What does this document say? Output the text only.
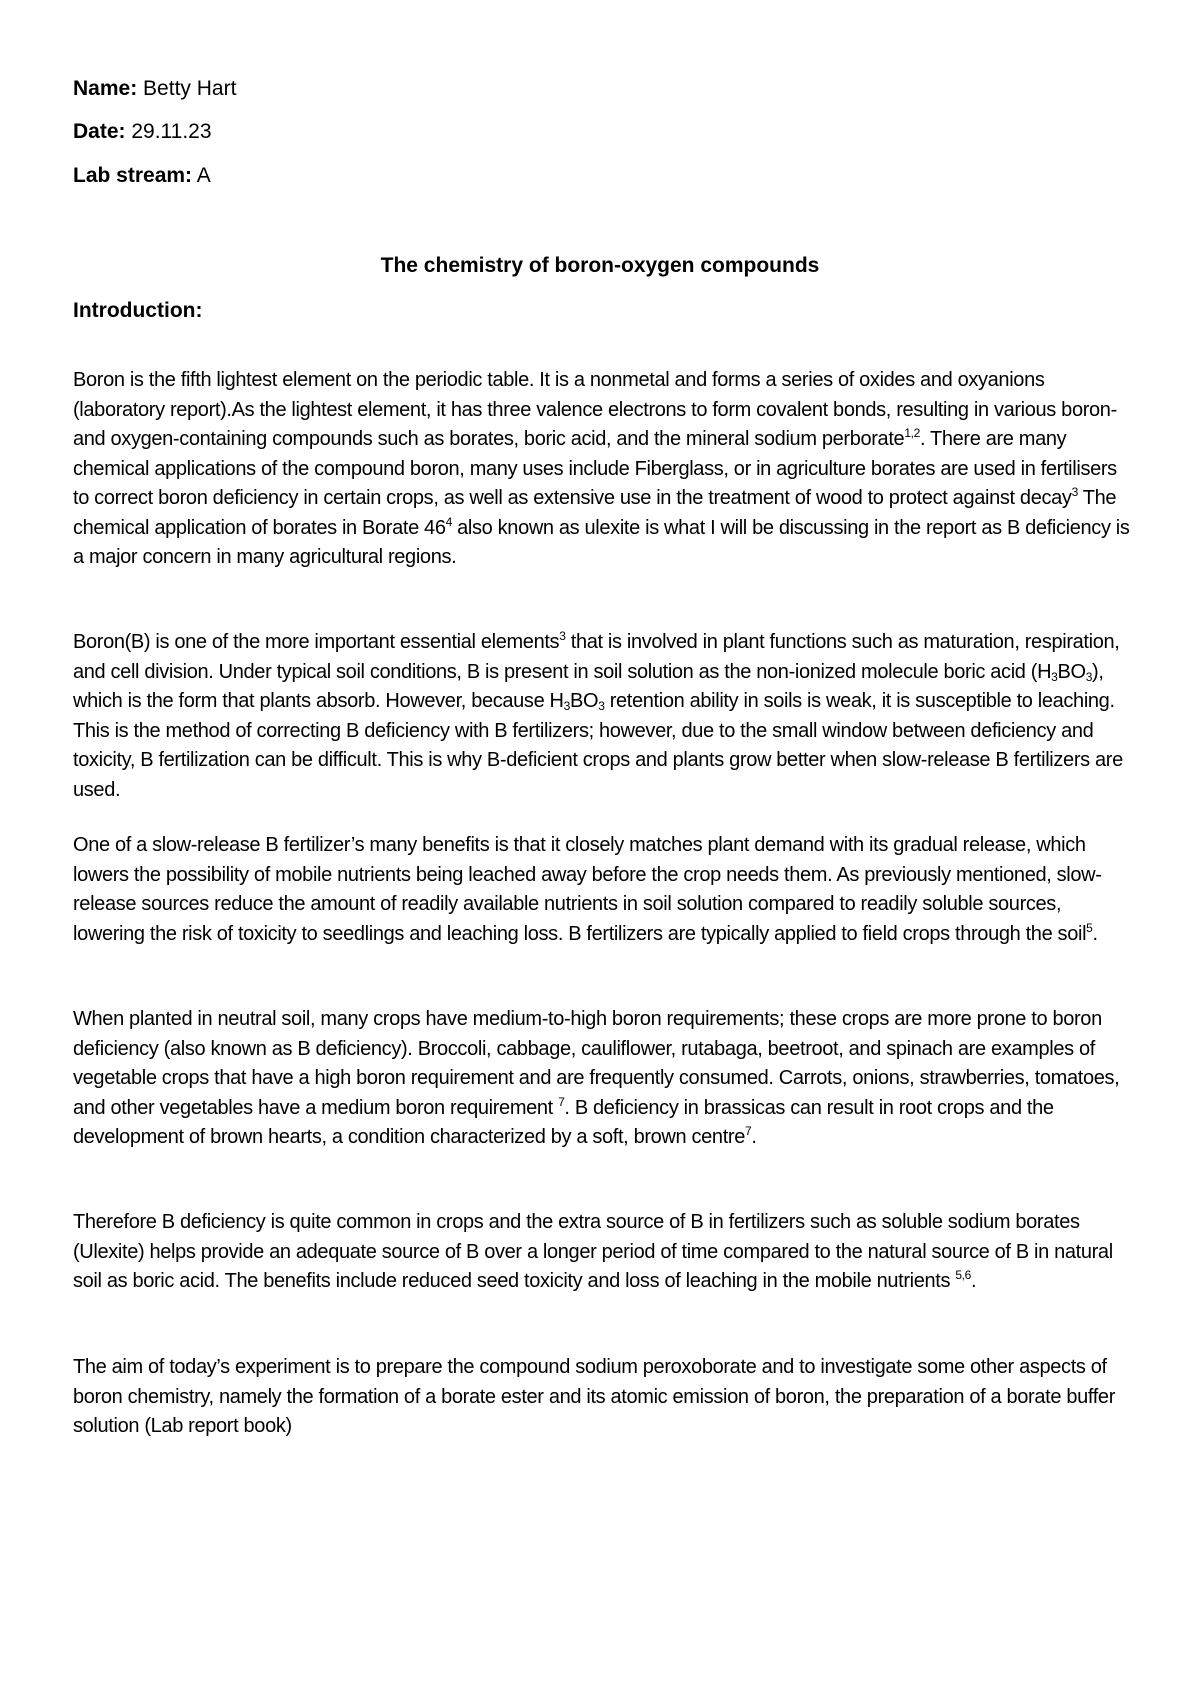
Name: Betty Hart
Date: 29.11.23
Lab stream: A
The chemistry of boron-oxygen compounds
Introduction:

Boron is the fifth lightest element on the periodic table. It is a nonmetal and forms a series of oxides and oxyanions (laboratory report).As the lightest element, it has three valence electrons to form covalent bonds, resulting in various boron- and oxygen-containing compounds such as borates, boric acid, and the mineral sodium perborate$^{1,2}$. There are many chemical applications of the compound boron, many uses include Fiberglass, or in agriculture borates are used in fertilisers to correct boron deficiency in certain crops, as well as extensive use in the treatment of wood to protect against decay$^3$ The chemical application of borates in Borate $46^4$ also known as ulexite is what I will be discussing in the report as B deficiency is a major concern in many agricultural regions.

Boron(B) is one of the more important essential elements$^3$ that is involved in plant functions such as maturation, respiration, and cell division. Under typical soil conditions, B is present in soil solution as the non-ionized molecule boric acid $(H_3BO_3)$, which is the form that plants absorb. However, because $H_3BO_3$ retention ability in soils is weak, it is susceptible to leaching. This is the method of correcting B deficiency with B fertilizers; however, due to the small window between deficiency and toxicity, B fertilization can be difficult. This is why B-deficient crops and plants grow better when slow-release B fertilizers are used.

One of a slow-release B fertilizer’s many benefits is that it closely matches plant demand with its gradual release, which lowers the possibility of mobile nutrients being leached away before the crop needs them. As previously mentioned, slow-release sources reduce the amount of readily available nutrients in soil solution compared to readily soluble sources, lowering the risk of toxicity to seedlings and leaching loss. B fertilizers are typically applied to field crops through the soil$^5$.

When planted in neutral soil, many crops have medium-to-high boron requirements; these crops are more prone to boron deficiency (also known as B deficiency). Broccoli, cabbage, cauliflower, rutabaga, beetroot, and spinach are examples of vegetable crops that have a high boron requirement and are frequently consumed. Carrots, onions, strawberries, tomatoes, and other vegetables have a medium boron requirement $^7$. B deficiency in brassicas can result in root crops and the development of brown hearts, a condition characterized by a soft, brown centre$^7$.

Therefore B deficiency is quite common in crops and the extra source of B in fertilizers such as soluble sodium borates (Ulexite) helps provide an adequate source of B over a longer period of time compared to the natural source of B in natural soil as boric acid. The benefits include reduced seed toxicity and loss of leaching in the mobile nutrients $^{5,6}$.

The aim of today’s experiment is to prepare the compound sodium peroxoborate and to investigate some other aspects of boron chemistry, namely the formation of a borate ester and its atomic emission of boron, the preparation of a borate buffer solution (Lab report book)
